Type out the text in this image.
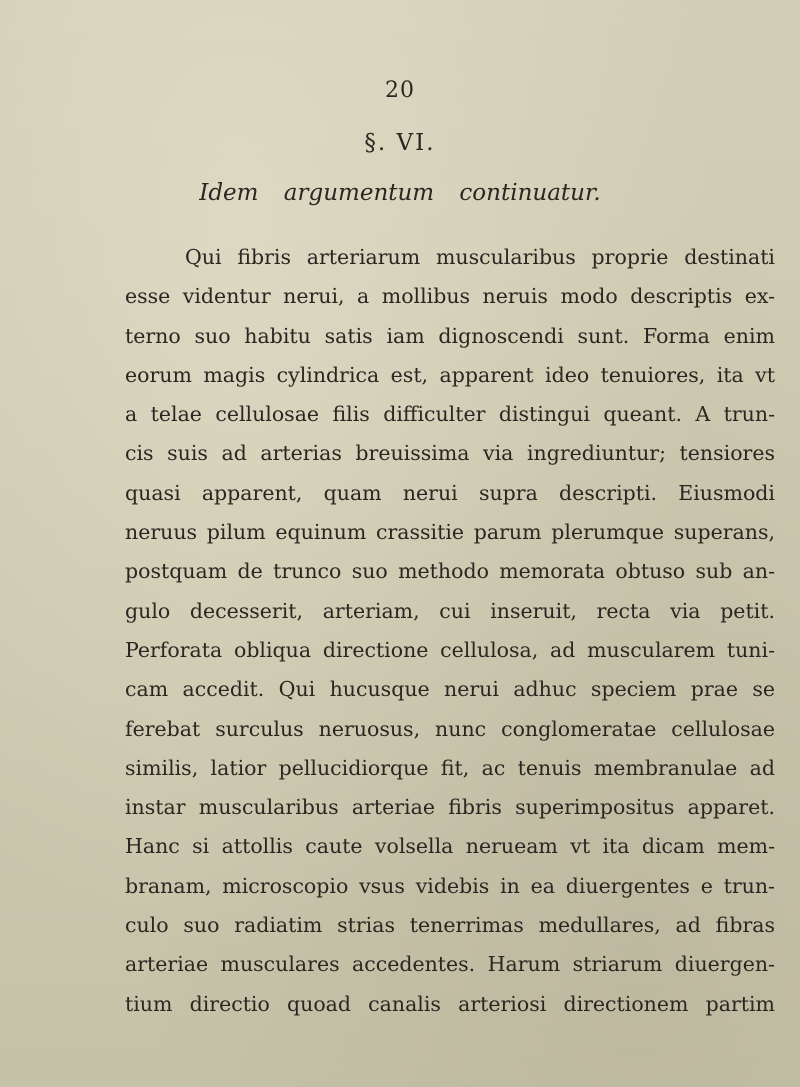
20
§. VI.
Idem argumentum continuatur.
Qui fibris arteriarum muscularibus proprie destinati
esse videntur nerui, a mollibus neruis modo descriptis ex-
terno suo habitu satis iam dignoscendi sunt. Forma enim
eorum magis cylindrica est, apparent ideo tenuiores, ita vt
a telae cellulosae filis difficulter distingui queant. A trun-
cis suis ad arterias breuissima via ingrediuntur; tensiores
quasi apparent, quam nerui supra descripti. Eiusmodi
neruus pilum equinum crassitie parum plerumque superans,
postquam de trunco suo methodo memorata obtuso sub an-
gulo decesserit, arteriam, cui inseruit, recta via petit.
Perforata obliqua directione cellulosa, ad muscularem tuni-
cam accedit. Qui hucusque nerui adhuc speciem prae se
ferebat surculus neruosus, nunc conglomeratae cellulosae
similis, latior pellucidiorque fit, ac tenuis membranulae ad
instar muscularibus arteriae fibris superimpositus apparet.
Hanc si attollis caute volsella nerueam vt ita dicam mem-
branam, microscopio vsus videbis in ea diuergentes e trun-
culo suo radiatim strias tenerrimas medullares, ad fibras
arteriae musculares accedentes. Harum striarum diuergen-
tium directio quoad canalis arteriosi directionem partim
